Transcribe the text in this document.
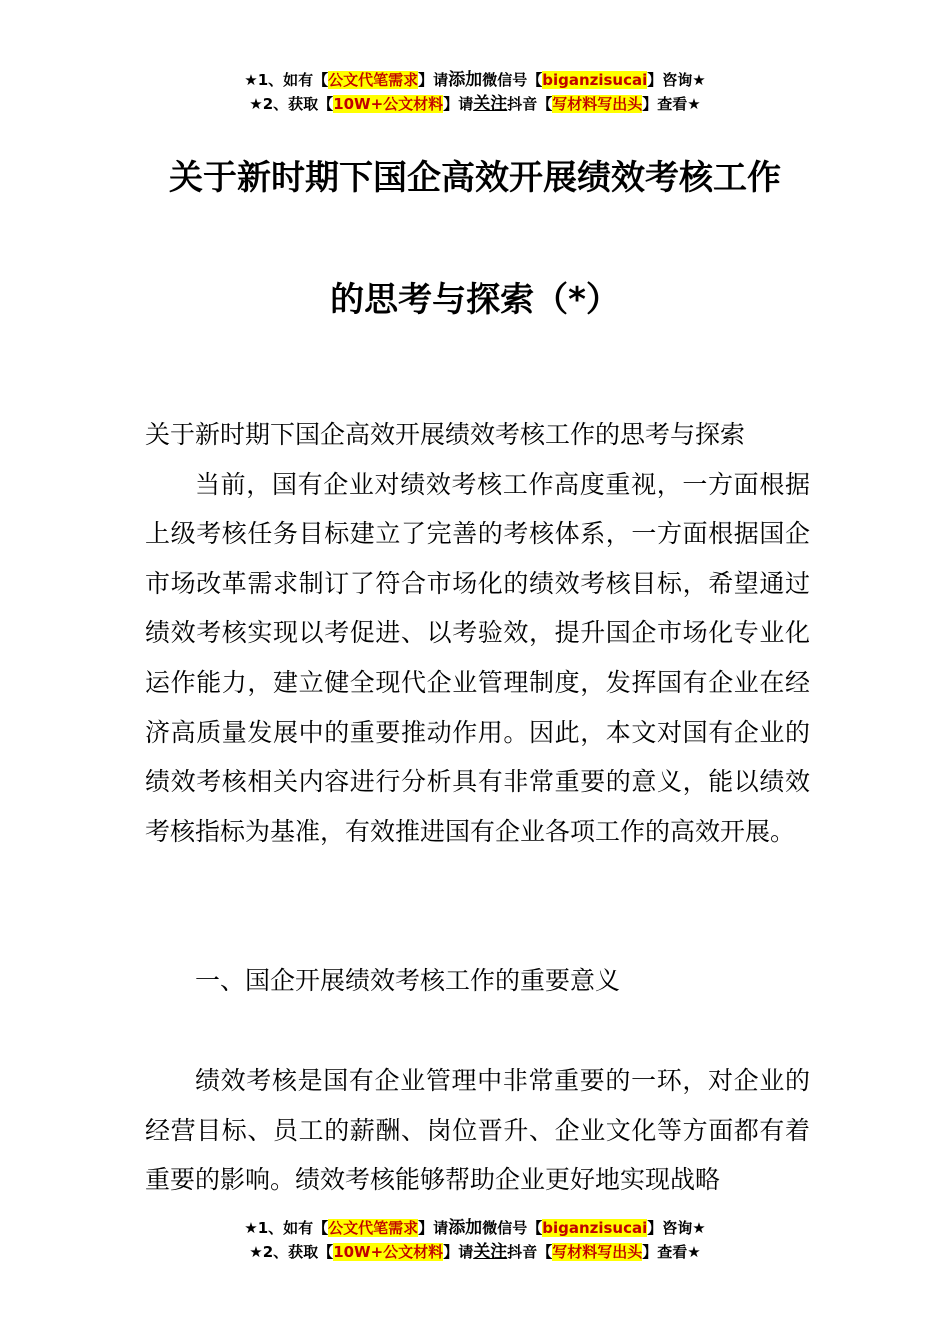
★1、如有【公文代笔需求】请添加微信号【biganzisucai】咨询★
★2、获取【10W+公文材料】请关注抖音【写材料写出头】查看★
关于新时期下国企高效开展绩效考核工作
的思考与探索（*）

关于新时期下国企高效开展绩效考核工作的思考与探索

当前，国有企业对绩效考核工作高度重视，一方面根据上级考核任务目标建立了完善的考核体系，一方面根据国企市场改革需求制订了符合市场化的绩效考核目标，希望通过绩效考核实现以考促进、以考验效，提升国企市场化专业化运作能力，建立健全现代企业管理制度，发挥国有企业在经济高质量发展中的重要推动作用。因此，本文对国有企业的绩效考核相关内容进行分析具有非常重要的意义，能以绩效考核指标为基准，有效推进国有企业各项工作的高效开展。

一、国企开展绩效考核工作的重要意义

绩效考核是国有企业管理中非常重要的一环，对企业的经营目标、员工的薪酬、岗位晋升、企业文化等方面都有着重要的影响。绩效考核能够帮助企业更好地实现战略

★1、如有【公文代笔需求】请添加微信号【biganzisucai】咨询★
★2、获取【10W+公文材料】请关注抖音【写材料写出头】查看★
